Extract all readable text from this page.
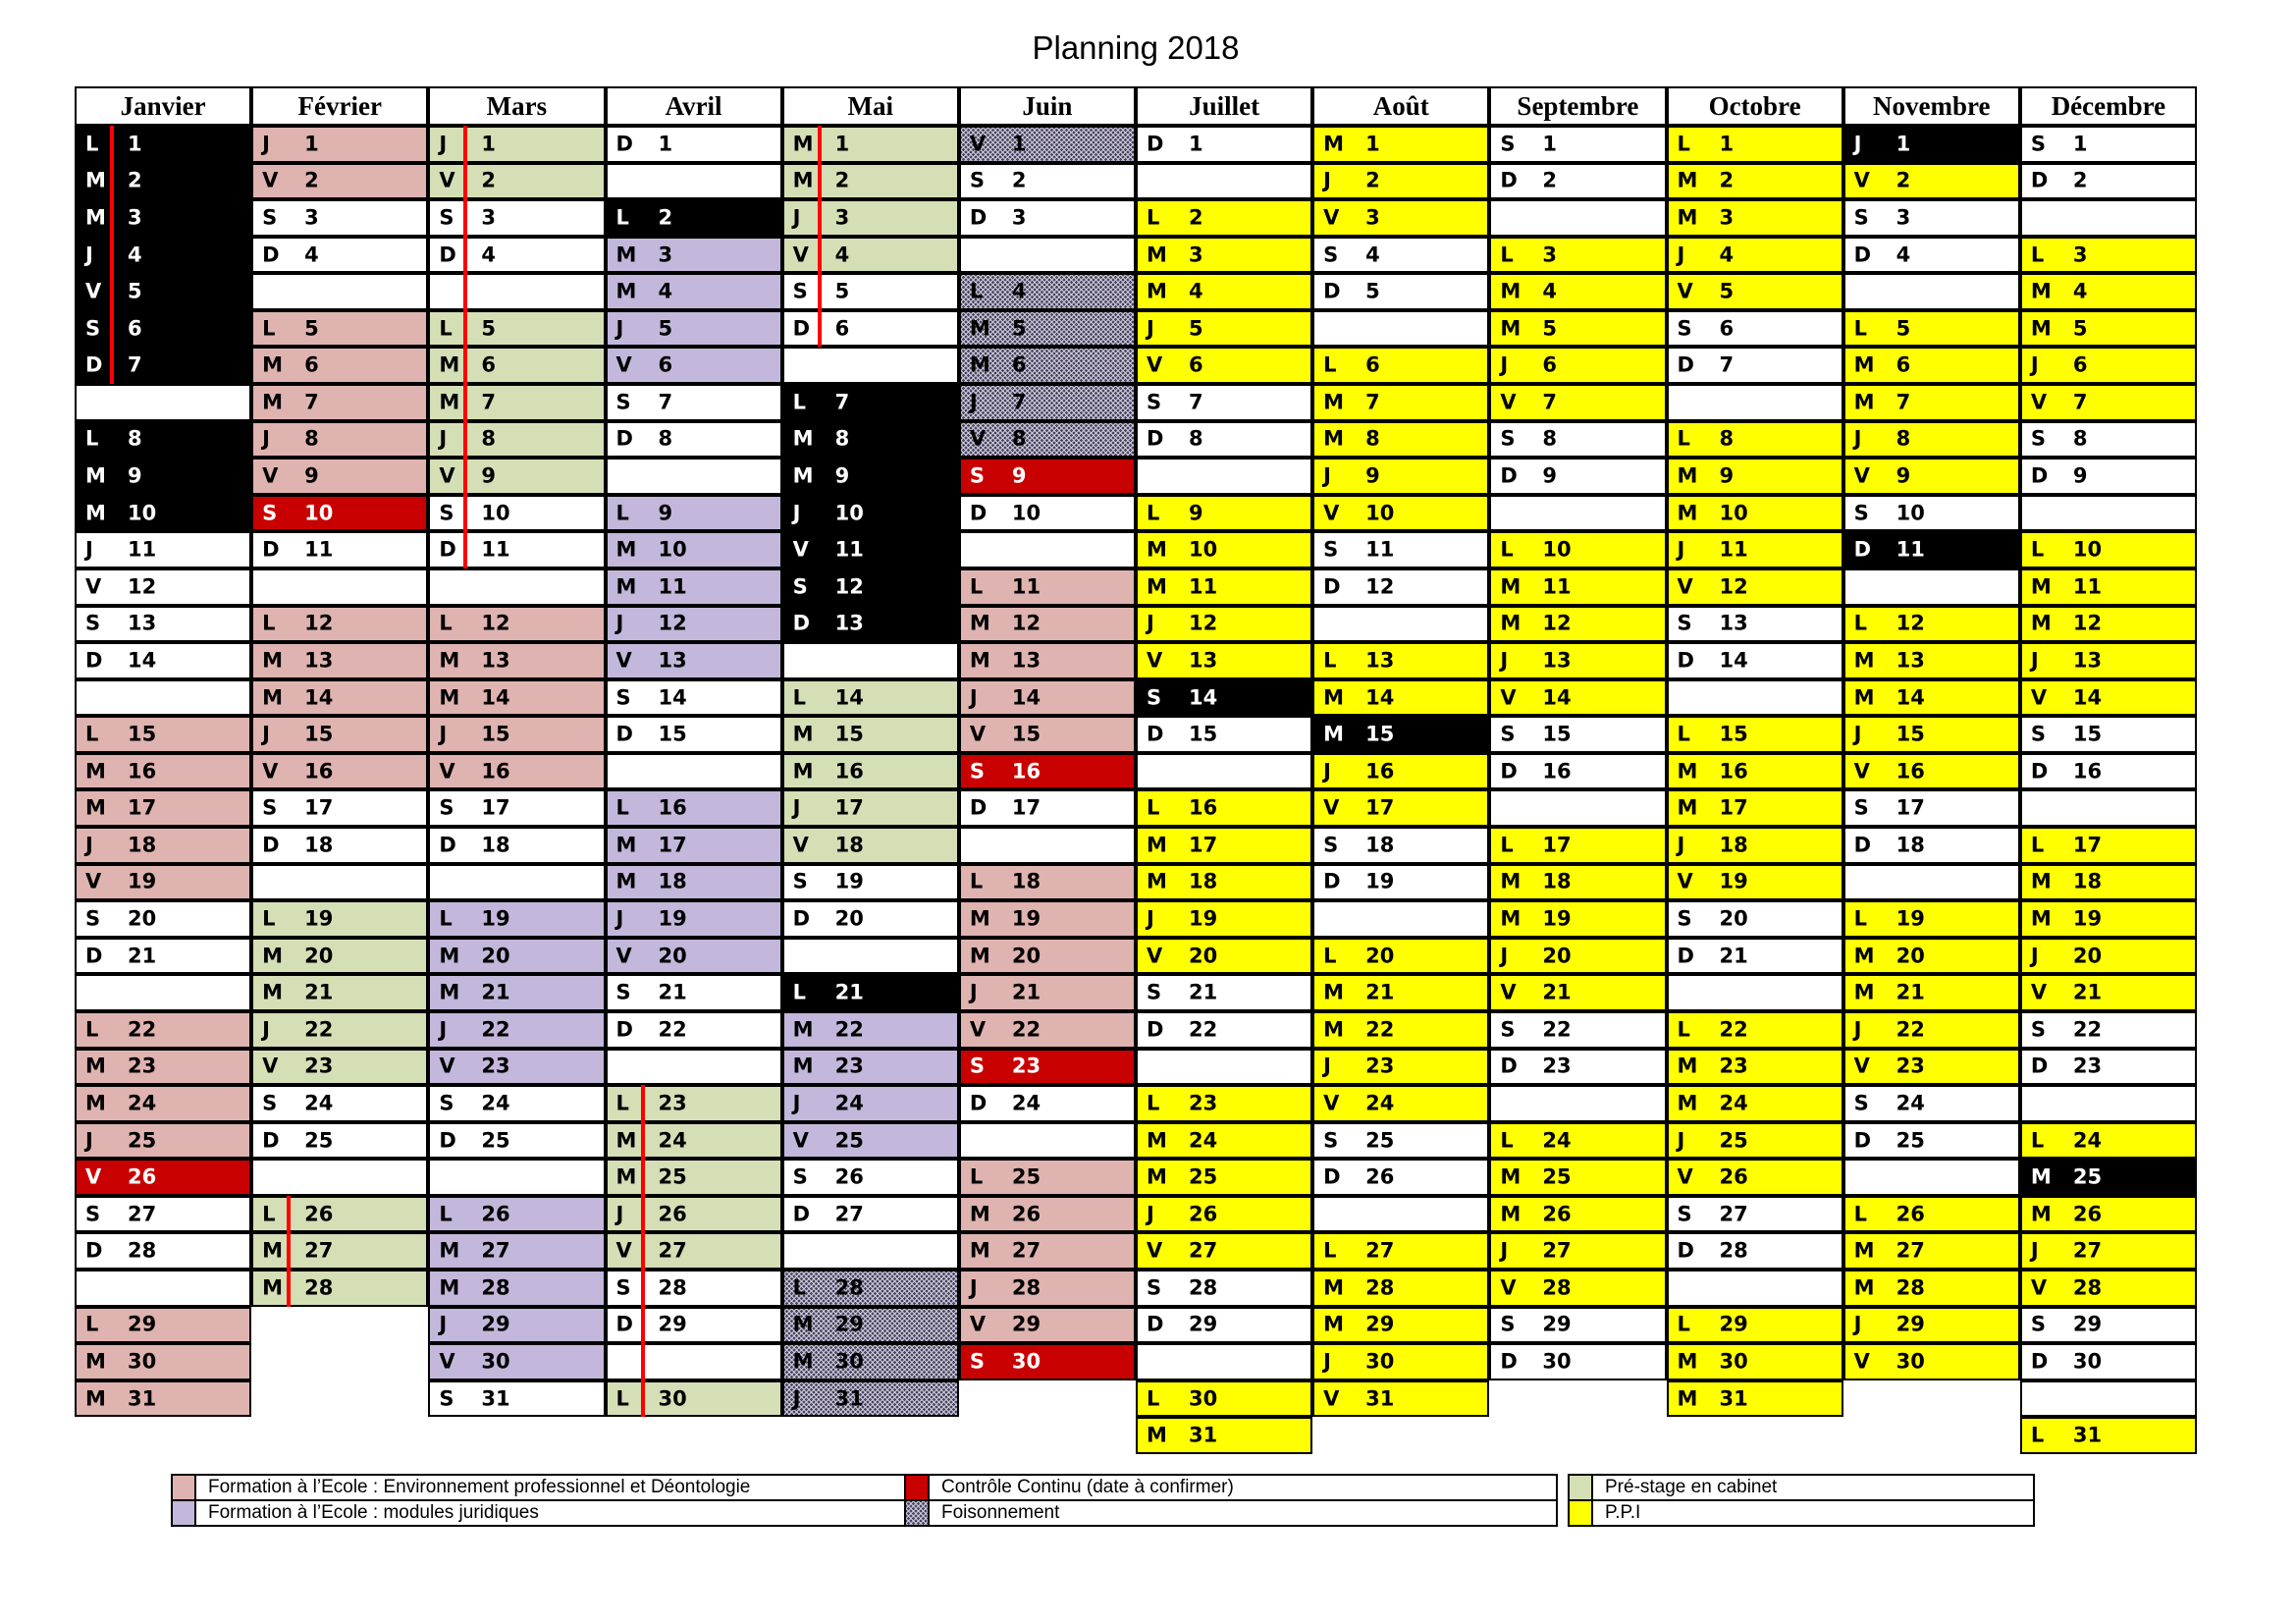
Planning 2018
Janvier
L 1
M 2
M 3
J 4
V 5
S 6
D 7
L 8
M 9
M 10
J 11
V 12
S 13
D 14
L 15
M 16
M 17
J 18
V 19
S 20
D 21
L 22
M 23
M 24
J 25
V 26
S 27
D 28
L 29
M 30
M 31
Février
J 1
V 2
S 3
D 4
L 5
M 6
M 7
J 8
V 9
S 10
D 11
L 12
M 13
M 14
J 15
V 16
S 17
D 18
L 19
M 20
M 21
J 22
V 23
S 24
D 25
L 26
M 27
M 28
Mars
J 1
V 2
S 3
D 4
L 5
M 6
M 7
J 8
V 9
S 10
D 11
L 12
M 13
M 14
J 15
V 16
S 17
D 18
L 19
M 20
M 21
J 22
V 23
S 24
D 25
L 26
M 27
M 28
J 29
V 30
S 31
Avril
D 1
L 2
M 3
M 4
J 5
V 6
S 7
D 8
L 9
M 10
M 11
J 12
V 13
S 14
D 15
L 16
M 17
M 18
J 19
V 20
S 21
D 22
L 23
M 24
M 25
J 26
V 27
S 28
D 29
L 30
Mai
M 1
M 2
J 3
V 4
S 5
D 6
L 7
M 8
M 9
J 10
V 11
S 12
D 13
L 14
M 15
M 16
J 17
V 18
S 19
D 20
L 21
M 22
M 23
J 24
V 25
S 26
D 27
L 28
M 29
M 30
J 31
Juin
V 1
S 2
D 3
L 4
M 5
M 6
J 7
V 8
S 9
D 10
L 11
M 12
M 13
J 14
V 15
S 16
D 17
L 18
M 19
M 20
J 21
V 22
S 23
D 24
L 25
M 26
M 27
J 28
V 29
S 30
Juillet
D 1
L 2
M 3
M 4
J 5
V 6
S 7
D 8
L 9
M 10
M 11
J 12
V 13
S 14
D 15
L 16
M 17
M 18
J 19
V 20
S 21
D 22
L 23
M 24
M 25
J 26
V 27
S 28
D 29
L 30
M 31
Août
M 1
J 2
V 3
S 4
D 5
L 6
M 7
M 8
J 9
V 10
S 11
D 12
L 13
M 14
M 15
J 16
V 17
S 18
D 19
L 20
M 21
M 22
J 23
V 24
S 25
D 26
L 27
M 28
M 29
J 30
V 31
Septembre
S 1
D 2
L 3
M 4
M 5
J 6
V 7
S 8
D 9
L 10
M 11
M 12
J 13
V 14
S 15
D 16
L 17
M 18
M 19
J 20
V 21
S 22
D 23
L 24
M 25
M 26
J 27
V 28
S 29
D 30
Octobre
L 1
M 2
M 3
J 4
V 5
S 6
D 7
L 8
M 9
M 10
J 11
V 12
S 13
D 14
L 15
M 16
M 17
J 18
V 19
S 20
D 21
L 22
M 23
M 24
J 25
V 26
S 27
D 28
L 29
M 30
M 31
Novembre
J 1
V 2
S 3
D 4
L 5
M 6
M 7
J 8
V 9
S 10
D 11
L 12
M 13
M 14
J 15
V 16
S 17
D 18
L 19
M 20
M 21
J 22
V 23
S 24
D 25
L 26
M 27
M 28
J 29
V 30
Décembre
S 1
D 2
L 3
M 4
M 5
J 6
V 7
S 8
D 9
L 10
M 11
M 12
J 13
V 14
S 15
D 16
L 17
M 18
M 19
J 20
V 21
S 22
D 23
L 24
M 25
M 26
J 27
V 28
S 29
D 30
L 31
Formation à l’Ecole : Environnement professionnel et Déontologie
Formation à l’Ecole : modules juridiques
Contrôle Continu (date à confirmer)
Foisonnement
Pré-stage en cabinet
P.P.I
